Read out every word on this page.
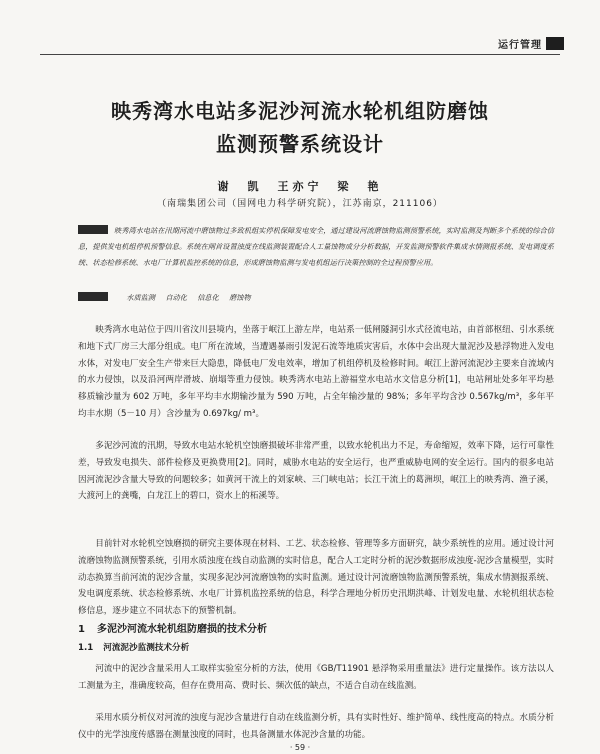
运行管理
映秀湾水电站多泥沙河流水轮机组防磨蚀
监测预警系统设计
谢　凯　王亦宁　梁　艳
（南瑞集团公司（国网电力科学研究院），江苏南京，211106）
映秀湾水电站在汛期河流中磨蚀物过多致机组实停机保障发电安全，通过建设河流磨蚀物监测预警系统，实时监测及判断多个系统的综合信息，提供发电机组停机预警信息。系统在闸首设置浊度在线监测装置配合人工量蚀物成分分析数据，开发监测预警软件集成水情测报系统、发电调度系统、状态检修系统、水电厂计算机监控系统的信息，形成磨蚀物监测与发电机组运行决策控制的全过程预警应用。
水质监测 自动化 信息化 磨蚀物

映秀湾水电站位于四川省汶川县境内，坐落于岷江上游左岸，电站系一低闸隧洞引水式径流电站，由首部枢纽、引水系统和地下式厂房三大部分组成。电厂所在流域，当遭遇暴雨引发泥石流等地质灾害后，水体中会出现大量泥沙及悬浮物进入发电水体，对发电厂安全生产带来巨大隐患，降低电厂发电效率，增加了机组停机及检修时间。岷江上游河流泥沙主要来自流域内的水力侵蚀，以及沿河两岸滑坡、崩塌等重力侵蚀。映秀湾水电站上游福堂水电站水文信息分析[1]，电站闸址处多年平均悬移质输沙量为 602 万吨，多年平均丰水期输沙量为 590 万吨，占全年输沙量的 98%；多年平均含沙 0.567kg/m³，多年平均丰水期（5－10 月）含沙量为 0.697kg/ m³。

多泥沙河流的汛期，导致水电站水轮机空蚀磨损破坏非常严重，以致水轮机出力不足，寿命缩短，效率下降，运行可靠性差，导致发电损失、部件检修及更换费用[2]。同时，威胁水电站的安全运行，也严重威胁电网的安全运行。国内的很多电站因河流泥沙含量大导致的问题较多；如黄河干流上的刘家峡、三门峡电站；长江干流上的葛洲坝，岷江上的映秀湾、渔子溪，大渡河上的龚嘴，白龙江上的碧口，资水上的柘溪等。

目前针对水轮机空蚀磨损的研究主要体现在材料、工艺、状态检修、管理等多方面研究，缺少系统性的应用。通过设计河流磨蚀物监测预警系统，引用水质浊度在线自动监测的实时信息，配合人工定时分析的泥沙数据形成浊度-泥沙含量模型，实时动态换算当前河流的泥沙含量，实现多泥沙河流磨蚀物的实时监测。通过设计河流磨蚀物监测预警系统，集成水情测报系统、发电调度系统、状态检修系统、水电厂计算机监控系统的信息，科学合理地分析历史汛期洪峰、计划发电量、水轮机组状态检修信息，逐步建立不同状态下的预警机制。

1 多泥沙河流水轮机组防磨损的技术分析
1.1 河流泥沙监测技术分析

河流中的泥沙含量采用人工取样实验室分析的方法，使用《GB/T11901 悬浮物采用重量法》进行定量操作。该方法以人工测量为主，准确度较高，但存在费用高、费时长、频次低的缺点，不适合自动在线监测。

采用水质分析仪对河流的浊度与泥沙含量进行自动在线监测分析，具有实时性好、维护简单、线性度高的特点。水质分析仪中的光学浊度传感器在测量浊度的同时，也具备测量水体泥沙含量的功能。

· 59 ·
